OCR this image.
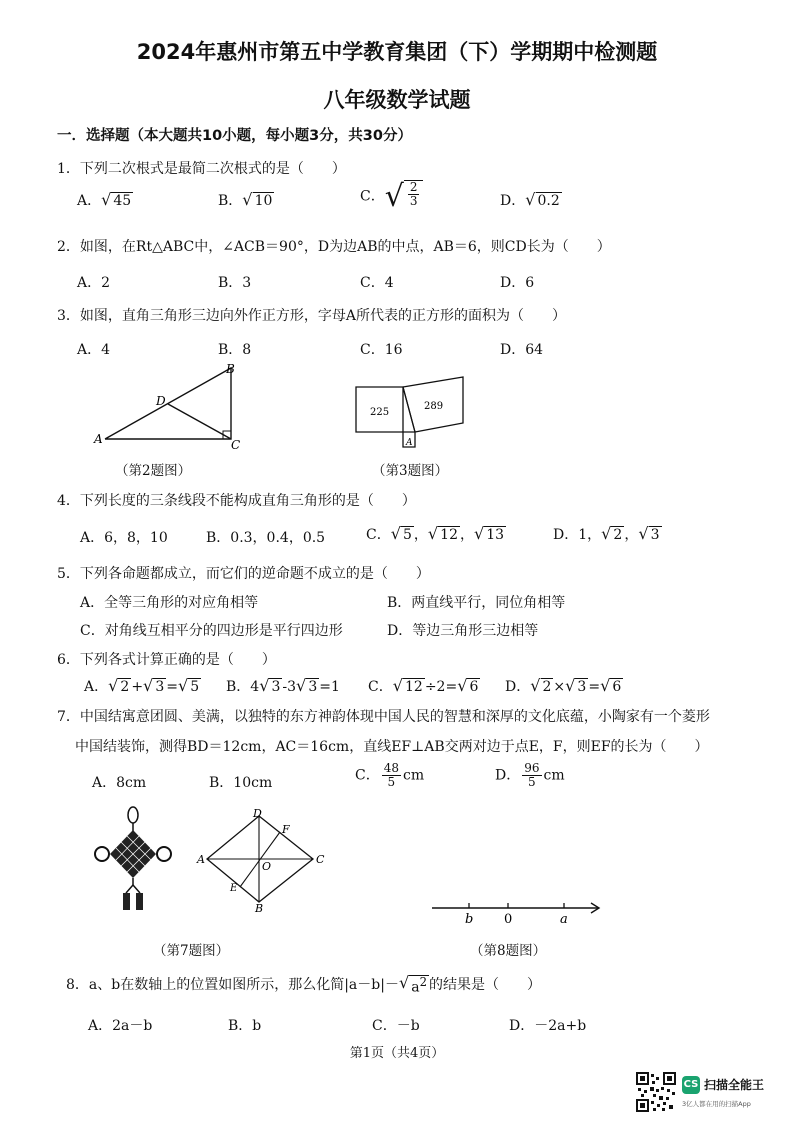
2024年惠州市第五中学教育集团（下）学期期中检测题
八年级数学试题
一．选择题（本大题共10小题，每小题3分，共30分）
1．下列二次根式是最简二次根式的是（　　）
A． √ 45	B． √ 10	C． √ $\frac{2}{3}$	D． √ 0.2
2．如图，在Rt△ABC中，∠ACB＝90°，D为边AB的中点，AB＝6，则CD长为（　　）
A．2	B．3	C．4	D．6
3．如图，直角三角形三边向外作正方形，字母A所代表的正方形的面积为（　　）
A．4	B．8	C．16	D．64
A
B
C
D
（第2题图）
225
289
A
（第3题图）
4．下列长度的三条线段不能构成直角三角形的是（　　）
A．6，8，10	B．0.3，0.4，0.5	C． √ 5 ， √ 12 ， √ 13	D．1， √ 2 ， √ 3
5．下列各命题都成立，而它们的逆命题不成立的是（　　）
A．全等三角形的对应角相等	B．两直线平行，同位角相等
C．对角线互相平分的四边形是平行四边形	D．等边三角形三边相等
6．下列各式计算正确的是（　　）
A． √ 2 + √ 3 = √ 5 B．4 √ 3 -3 √ 3 =1 C． √ 12 ÷2= √ 6 D． √ 2 × √ 3 = √ 6
7．中国结寓意团圆、美满，以独特的东方神韵体现中国人民的智慧和深厚的文化底蕴，小陶家有一个菱形
中国结装饰，测得BD＝12cm，AC＝16cm，直线EF⊥AB交两对边于点E，F，则EF的长为（　　）
A．8cm	B．10cm	C． $\frac{48}{5}$ cm	D． $\frac{96}{5}$ cm
D
F
A
O
C
E
B
（第7题图）
b 0	a
（第8题图）
8．a、b在数轴上的位置如图所示，那么化简|a－b|－ √ $a^2$ 的结果是（　　）
A．2a－b	B．b	C．－b	D．－2a+b
第1页（共4页）
CS 扫描全能王
3亿人都在用的扫描App
